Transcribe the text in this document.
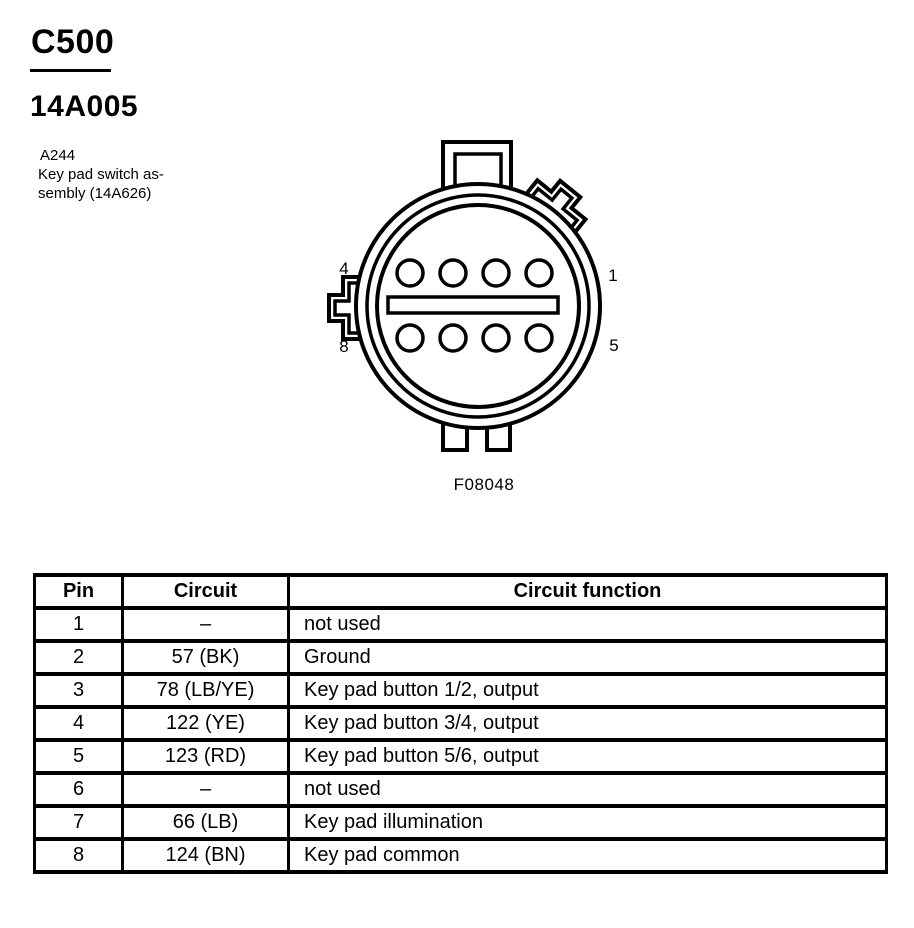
C500
14A005
A244
Key pad switch as-
sembly (14A626)
4	1
8	5
F08048
Pin	Circuit	Circuit function
1	–	not used
2	57 (BK)	Ground
3	78 (LB/YE)	Key pad button 1/2, output
4	122 (YE)	Key pad button 3/4, output
5	123 (RD)	Key pad button 5/6, output
6	–	not used
7	66 (LB)	Key pad illumination
8	124 (BN)	Key pad common
